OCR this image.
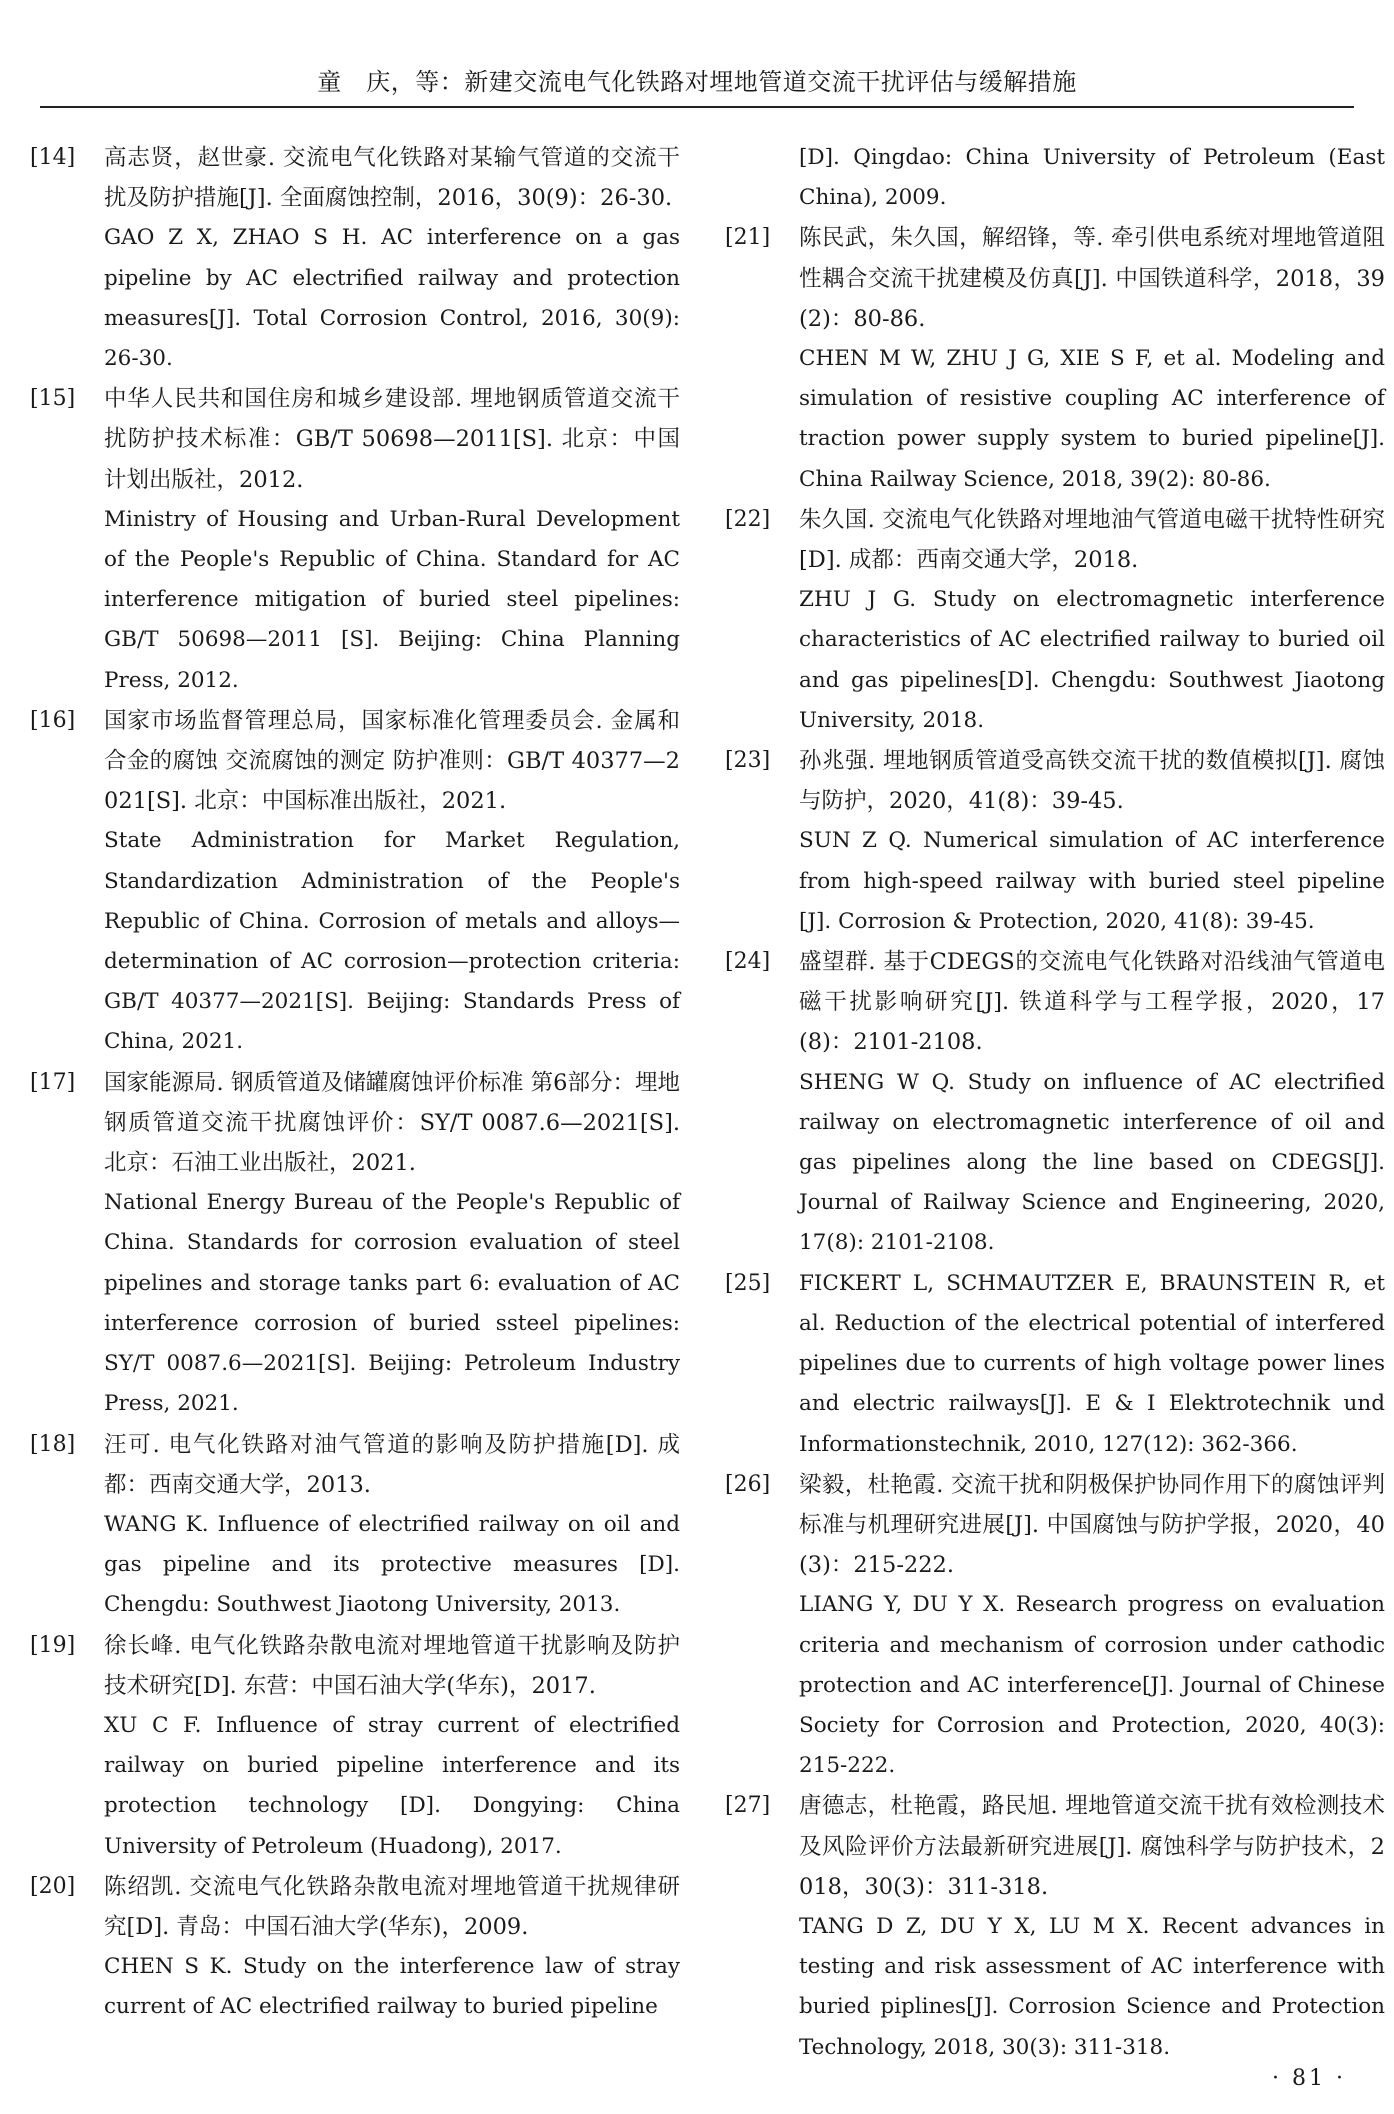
童　庆，等：新建交流电气化铁路对埋地管道交流干扰评估与缓解措施
[14]	高志贤，赵世豪. 交流电气化铁路对某输气管道的交流干扰及防护措施[J]. 全面腐蚀控制，2016，30(9)：26-30.

GAO Z X, ZHAO S H. AC interference on a gas pipeline by AC electrified railway and protection measures[J]. Total Corrosion Control, 2016, 30(9): 26-30.

[15]	中华人民共和国住房和城乡建设部. 埋地钢质管道交流干扰防护技术标准：GB/T 50698—2011[S]. 北京：中国计划出版社，2012.

Ministry of Housing and Urban-Rural Development of the People's Republic of China. Standard for AC interference mitigation of buried steel pipelines: GB/T 50698—2011 [S]. Beijing: China Planning Press, 2012.

[16]	国家市场监督管理总局，国家标准化管理委员会. 金属和合金的腐蚀 交流腐蚀的测定 防护准则：GB/T 40377—2021[S]. 北京：中国标准出版社，2021.

State Administration for Market Regulation, Standardization Administration of the People's Republic of China. Corrosion of metals and alloys—determination of AC corrosion—protection criteria: GB/T 40377—2021[S]. Beijing: Standards Press of China, 2021.

[17]	国家能源局. 钢质管道及储罐腐蚀评价标准 第6部分：埋地钢质管道交流干扰腐蚀评价：SY/T 0087.6—2021[S]. 北京：石油工业出版社，2021.

National Energy Bureau of the People's Republic of China. Standards for corrosion evaluation of steel pipelines and storage tanks part 6: evaluation of AC interference corrosion of buried ssteel pipelines: SY/T 0087.6—2021[S]. Beijing: Petroleum Industry Press, 2021.

[18]	汪可. 电气化铁路对油气管道的影响及防护措施[D]. 成都：西南交通大学，2013.

WANG K. Influence of electrified railway on oil and gas pipeline and its protective measures [D]. Chengdu: Southwest Jiaotong University, 2013.

[19]	徐长峰. 电气化铁路杂散电流对埋地管道干扰影响及防护技术研究[D]. 东营：中国石油大学(华东)，2017.

XU C F. Influence of stray current of electrified railway on buried pipeline interference and its protection technology [D]. Dongying: China University of Petroleum (Huadong), 2017.

[20]	陈绍凯. 交流电气化铁路杂散电流对埋地管道干扰规律研究[D]. 青岛：中国石油大学(华东)，2009.

CHEN S K. Study on the interference law of stray current of AC electrified railway to buried pipeline

[D]. Qingdao: China University of Petroleum (East China), 2009.

[21]	陈民武，朱久国，解绍锋，等. 牵引供电系统对埋地管道阻性耦合交流干扰建模及仿真[J]. 中国铁道科学，2018，39(2)：80-86.

CHEN M W, ZHU J G, XIE S F, et al. Modeling and simulation of resistive coupling AC interference of traction power supply system to buried pipeline[J]. China Railway Science, 2018, 39(2): 80-86.

[22]	朱久国. 交流电气化铁路对埋地油气管道电磁干扰特性研究[D]. 成都：西南交通大学，2018.

ZHU J G. Study on electromagnetic interference characteristics of AC electrified railway to buried oil and gas pipelines[D]. Chengdu: Southwest Jiaotong University, 2018.

[23]	孙兆强. 埋地钢质管道受高铁交流干扰的数值模拟[J]. 腐蚀与防护，2020，41(8)：39-45.

SUN Z Q. Numerical simulation of AC interference from high-speed railway with buried steel pipeline [J]. Corrosion & Protection, 2020, 41(8): 39-45.

[24]	盛望群. 基于CDEGS的交流电气化铁路对沿线油气管道电磁干扰影响研究[J]. 铁道科学与工程学报，2020，17(8)：2101-2108.

SHENG W Q. Study on influence of AC electrified railway on electromagnetic interference of oil and gas pipelines along the line based on CDEGS[J]. Journal of Railway Science and Engineering, 2020, 17(8): 2101-2108.

[25]	FICKERT L, SCHMAUTZER E, BRAUNSTEIN R, et al. Reduction of the electrical potential of interfered pipelines due to currents of high voltage power lines and electric railways[J]. E & I Elektrotechnik und Informationstechnik, 2010, 127(12): 362-366.

[26]	梁毅，杜艳霞. 交流干扰和阴极保护协同作用下的腐蚀评判标准与机理研究进展[J]. 中国腐蚀与防护学报，2020，40(3)：215-222.

LIANG Y, DU Y X. Research progress on evaluation criteria and mechanism of corrosion under cathodic protection and AC interference[J]. Journal of Chinese Society for Corrosion and Protection, 2020, 40(3): 215-222.

[27]	唐德志，杜艳霞，路民旭. 埋地管道交流干扰有效检测技术及风险评价方法最新研究进展[J]. 腐蚀科学与防护技术，2018，30(3)：311-318.

TANG D Z, DU Y X, LU M X. Recent advances in testing and risk assessment of AC interference with buried piplines[J]. Corrosion Science and Protection Technology, 2018, 30(3): 311-318.

· 81 ·
